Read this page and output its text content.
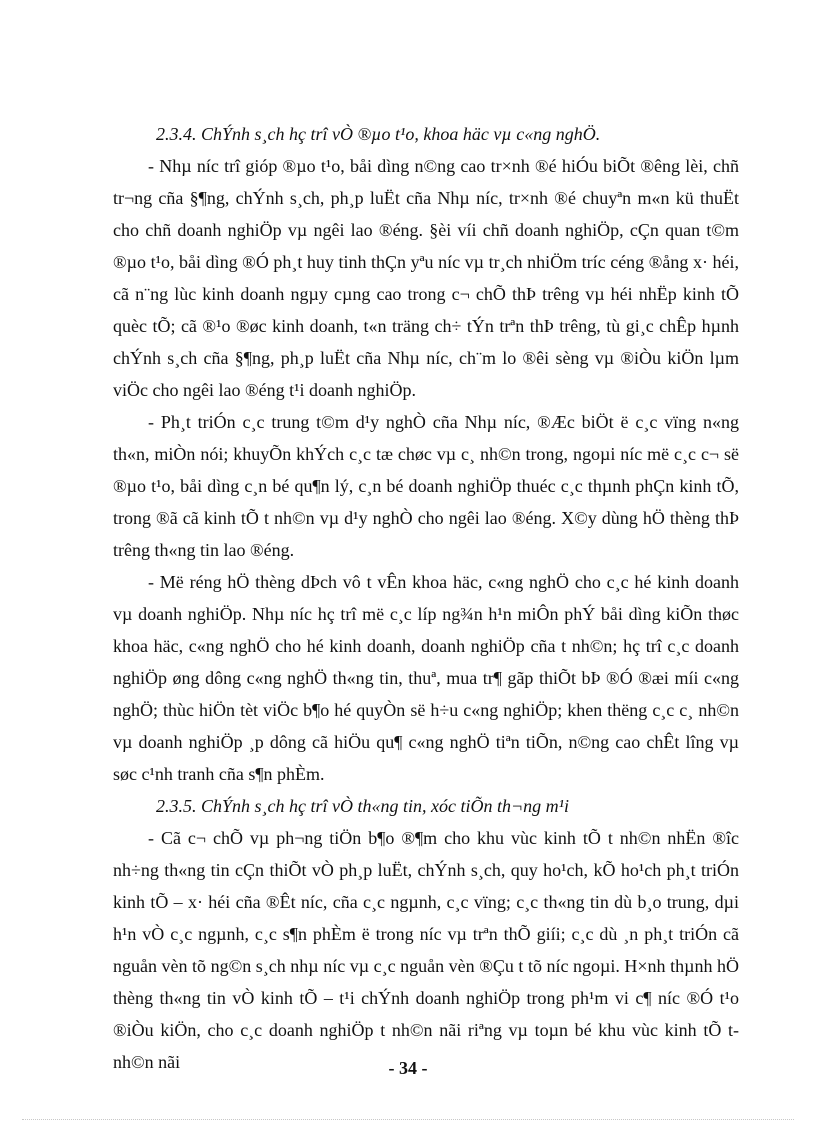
2.3.4. ChÝnh s¸ch hç trî vÒ ®µo t¹o, khoa häc vµ c«ng nghÖ.

- Nhµ níc trî gióp ®µo t¹o, båi dìng n©ng cao tr×nh ®é hiÓu biÕt ®êng lèi, chñ tr¬ng cña §¶ng, chÝnh s¸ch, ph¸p luËt cña Nhµ níc, tr×nh ®é chuyªn m«n kü thuËt cho chñ doanh nghiÖp vµ ngêi lao ®éng. §èi víi chñ doanh nghiÖp, cÇn quan t©m ®µo t¹o, båi dìng ®Ó ph¸t huy tinh thÇn yªu níc vµ tr¸ch nhiÖm tríc céng ®ång x· héi, cã n¨ng lùc kinh doanh ngµy cµng cao trong c¬ chÕ thÞ trêng vµ héi nhËp kinh tÕ quèc tÕ; cã ®¹o ®øc kinh doanh, t«n träng ch÷ tÝn trªn thÞ trêng, tù gi¸c chÊp hµnh chÝnh s¸ch cña §¶ng, ph¸p luËt cña Nhµ níc, ch¨m lo ®êi sèng vµ ®iÒu kiÖn lµm viÖc cho ngêi lao ®éng t¹i doanh nghiÖp.

- Ph¸t triÓn c¸c trung t©m d¹y nghÒ cña Nhµ níc, ®Æc biÖt ë c¸c vïng n«ng th«n, miÒn nói; khuyÕn khÝch c¸c tæ chøc vµ c¸ nh©n trong, ngoµi níc më c¸c c¬ së ®µo t¹o, båi dìng c¸n bé qu¶n lý, c¸n bé doanh nghiÖp thuéc c¸c thµnh phÇn kinh tÕ, trong ®ã cã kinh tÕ t nh©n vµ d¹y nghÒ cho ngêi lao ®éng. X©y dùng hÖ thèng thÞ trêng th«ng tin lao ®éng.

- Më réng hÖ thèng dÞch vô t vÊn khoa häc, c«ng nghÖ cho c¸c hé kinh doanh vµ doanh nghiÖp. Nhµ níc hç trî më c¸c líp ng¾n h¹n miÔn phÝ båi dìng kiÕn thøc khoa häc, c«ng nghÖ cho hé kinh doanh, doanh nghiÖp cña t nh©n; hç trî c¸c doanh nghiÖp øng dông c«ng nghÖ th«ng tin, thuª, mua tr¶ gãp thiÕt bÞ ®Ó ®æi míi c«ng nghÖ; thùc hiÖn tèt viÖc b¶o hé quyÒn së h÷u c«ng nghiÖp; khen thëng c¸c c¸ nh©n vµ doanh nghiÖp ¸p dông cã hiÖu qu¶ c«ng nghÖ tiªn tiÕn, n©ng cao chÊt lîng vµ søc c¹nh tranh cña s¶n phÈm.

2.3.5. ChÝnh s¸ch hç trî vÒ th«ng tin, xóc tiÕn th¬ng m¹i

- Cã c¬ chÕ vµ ph¬ng tiÖn b¶o ®¶m cho khu vùc kinh tÕ t nh©n nhËn ®îc nh÷ng th«ng tin cÇn thiÕt vÒ ph¸p luËt, chÝnh s¸ch, quy ho¹ch, kÕ ho¹ch ph¸t triÓn kinh tÕ – x· héi cña ®Êt níc, cña c¸c ngµnh, c¸c vïng; c¸c th«ng tin dù b¸o trung, dµi h¹n vÒ c¸c ngµnh, c¸c s¶n phÈm ë trong níc vµ trªn thÕ giíi; c¸c dù ¸n ph¸t triÓn cã nguån vèn tõ ng©n s¸ch nhµ níc vµ c¸c nguån vèn ®Çu t tõ níc ngoµi. H×nh thµnh hÖ thèng th«ng tin vÒ kinh tÕ – t¹i chÝnh doanh nghiÖp trong ph¹m vi c¶ níc ®Ó t¹o ®iÒu kiÖn, cho c¸c doanh nghiÖp t nh©n nãi riªng vµ toµn bé khu vùc kinh tÕ t nh©n nãi	- 34 -
